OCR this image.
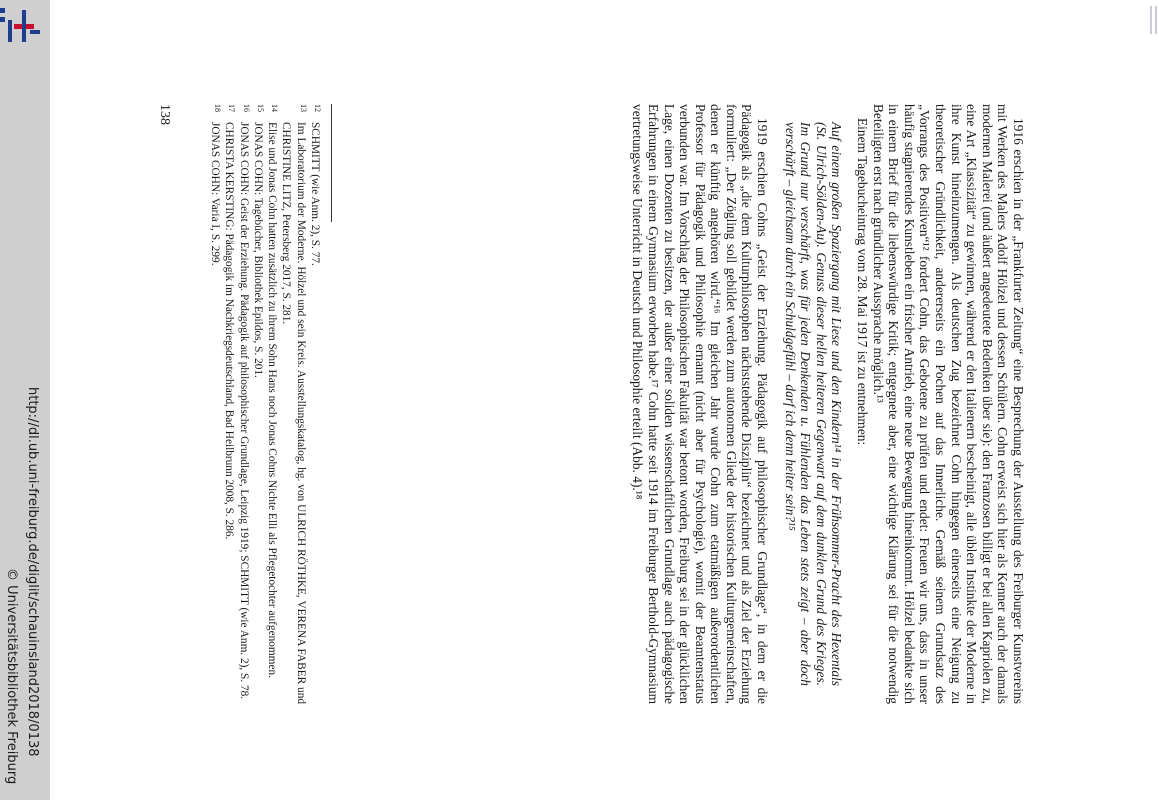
http://dl.ub.uni-freiburg.de/diglit/schauinsland2018/0138
© Universitätsbibliothek Freiburg	1916 erschien in der „Frankfurter Zeitung“ eine Besprechung der Ausstellung des Freiburger Kunstvereins mit Werken des Malers Adolf Hölzel und dessen Schülern. Cohn erweist sich hier als Kenner auch der damals modernen Malerei (und äußert angedeutete Bedenken über sie): den Franzosen billigt er bei allen Kapriolen zu, eine Art „Klassizität“ zu gewinnen, während er den Italienern bescheinigt, alle üblen Instinkte der Moderne in ihre Kunst hineinzumengen. Als deutschen Zug bezeichnet Cohn hingegen einerseits eine Neigung zu theoretischer Gründlichkeit, andererseits ein Pochen auf das Innerliche. Gemäß seinem Grundsatz des „Vorrangs des Positiven“¹² fordert Cohn, das Gebotene zu prüfen und endet: Freuen wir uns, dass in unser häufig stagnierendes Kunstleben ein frischer Antrieb, eine neue Bewegung hineinkommt. Hölzel bedankte sich in einem Brief für die liebenswürdige Kritik; entgegnete aber, eine wichtige Klärung sei für die notwendig Beteiligten erst nach gründlicher Aussprache möglich.¹³

Einem Tagebucheintrag vom 28. Mai 1917 ist zu entnehmen:

Auf einem großen Spaziergang mit Liese und den Kindern¹⁴ in der Frühsommer-Pracht des Hexentals (St. Ulrich-Sölden-Au). Genuss dieser hellen heiteren Gegenwart auf dem dunklen Grund des Krieges. Im Grund nur verschärft, was für jeden Denkenden u. Fühlenden das Leben stets zeigt – aber doch verschärft – gleichsam durch ein Schuldgefühl – darf ich denn heiter sein?¹⁵

1919 erschien Cohns „Geist der Erziehung. Pädagogik auf philosophischer Grundlage“, in dem er die Pädagogik als „die dem Kulturphilosophen nächststehende Disziplin“ bezeichnet und als Ziel der Erziehung formuliert: „Der Zögling soll gebildet werden zum autonomen Gliede der historischen Kulturgemeinschaften, denen er künftig angehören wird.“¹⁶ Im gleichen Jahr wurde Cohn zum etatmäßigen außerordentlichen Professor für Pädagogik und Philosophie ernannt (nicht aber für Psychologie), womit der Beamtenstatus verbunden war. Im Vorschlag der Philosophischen Fakultät war betont worden, Freiburg sei in der glücklichen Lage, einen Dozenten zu besitzen, der außer einer soliden wissenschaftlichen Grundlage auch pädagogische Erfahrungen in einem Gymnasium erworben habe.¹⁷ Cohn hatte seit 1914 im Freiburger Berthold-Gymnasium vertretungsweise Unterricht in Deutsch und Philosophie erteilt (Abb. 4).¹⁸

12
SCHMITT (wie Anm. 2), S. 77.

13
Im Laboratorium der Moderne. Hölzel und sein Kreis. Ausstellungskatalog, hg. von ULRICH RÖTHKE, VERENA FABER und CHRISTINE LITZ, Petersberg 2017, S. 281.

14
Elise und Jonas Cohn hatten zusätzlich zu ihrem Sohn Hans noch Jonas Cohns Nichte Elli als Pflegetochter aufgenommen.

15
JONAS COHN: Tagebücher, Bibliothek Epildos, S. 201.

16
JONAS COHN: Geist der Erziehung. Pädagogik auf philosophischer Grundlage, Leipzig 1919; SCHMITT (wie Anm. 2), S. 78.

17
CHRISTA KERSTING: Pädagogik im Nachkriegsdeutschland, Bad Heilbrunn 2008, S. 286.

18
JONAS COHN: Varia I, S. 299.

138
